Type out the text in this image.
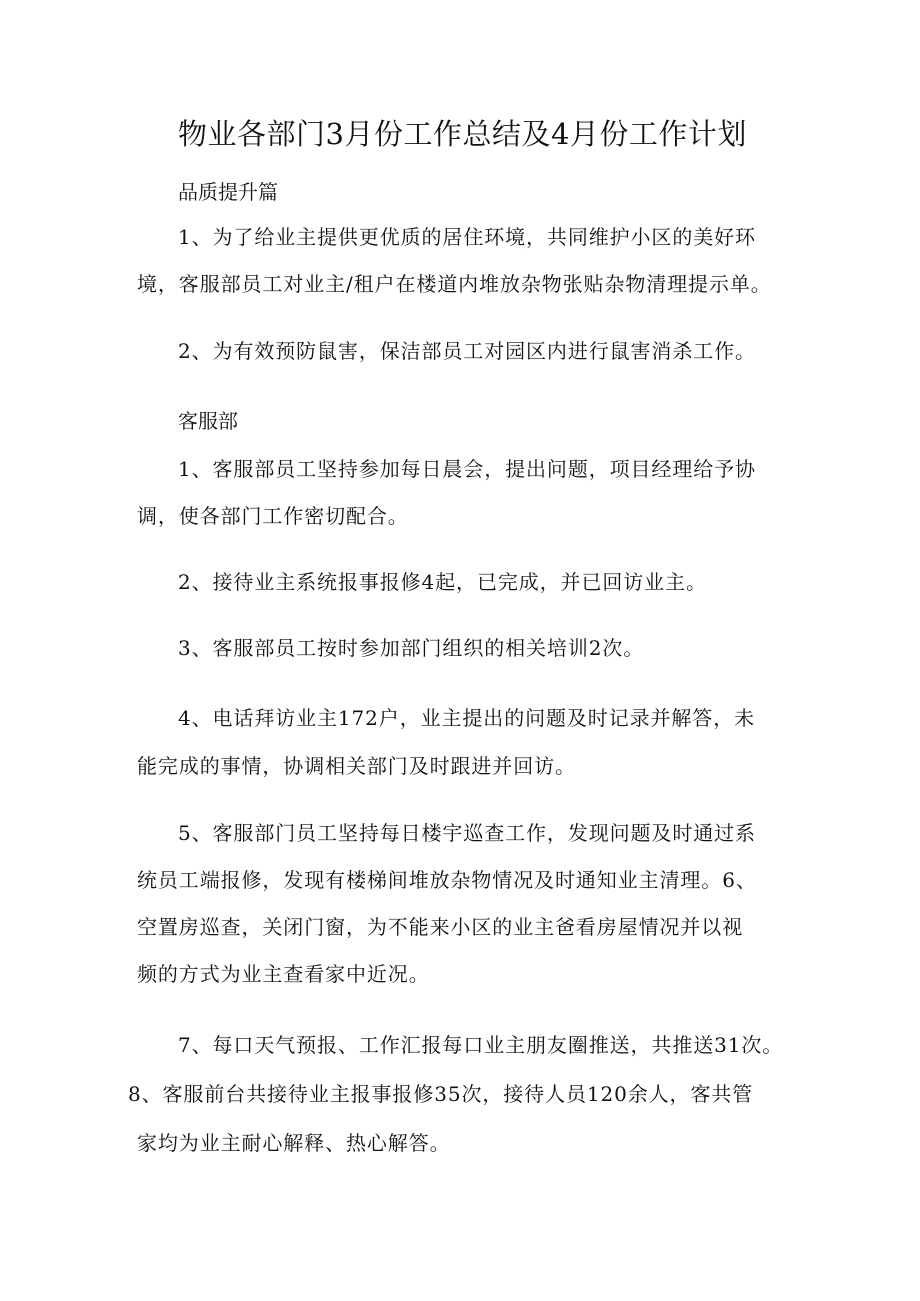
物业各部门3月份工作总结及4月份工作计划
品质提升篇
1、为了给业主提供更优质的居住环境，共同维护小区的美好环
境，客服部员工对业主/租户在楼道内堆放杂物张贴杂物清理提示单。
2、为有效预防鼠害，保洁部员工对园区内进行鼠害消杀工作。
客服部
1、客服部员工坚持参加每日晨会，提出问题，项目经理给予协
调，使各部门工作密切配合。
2、接待业主系统报事报修4起，已完成，并已回访业主。
3、客服部员工按时参加部门组织的相关培训2次。
4、电话拜访业主172户，业主提出的问题及时记录并解答，未
能完成的事情，协调相关部门及时跟进并回访。
5、客服部门员工坚持每日楼宇巡查工作，发现问题及时通过系
统员工端报修，发现有楼梯间堆放杂物情况及时通知业主清理。6、
空置房巡查，关闭门窗，为不能来小区的业主爸看房屋情况并以视
频的方式为业主查看家中近况。
7、每口天气预报、工作汇报每口业主朋友圈推送，共推送31次。
8、客服前台共接待业主报事报修35次，接待人员120余人，客共管
家均为业主耐心解释、热心解答。
